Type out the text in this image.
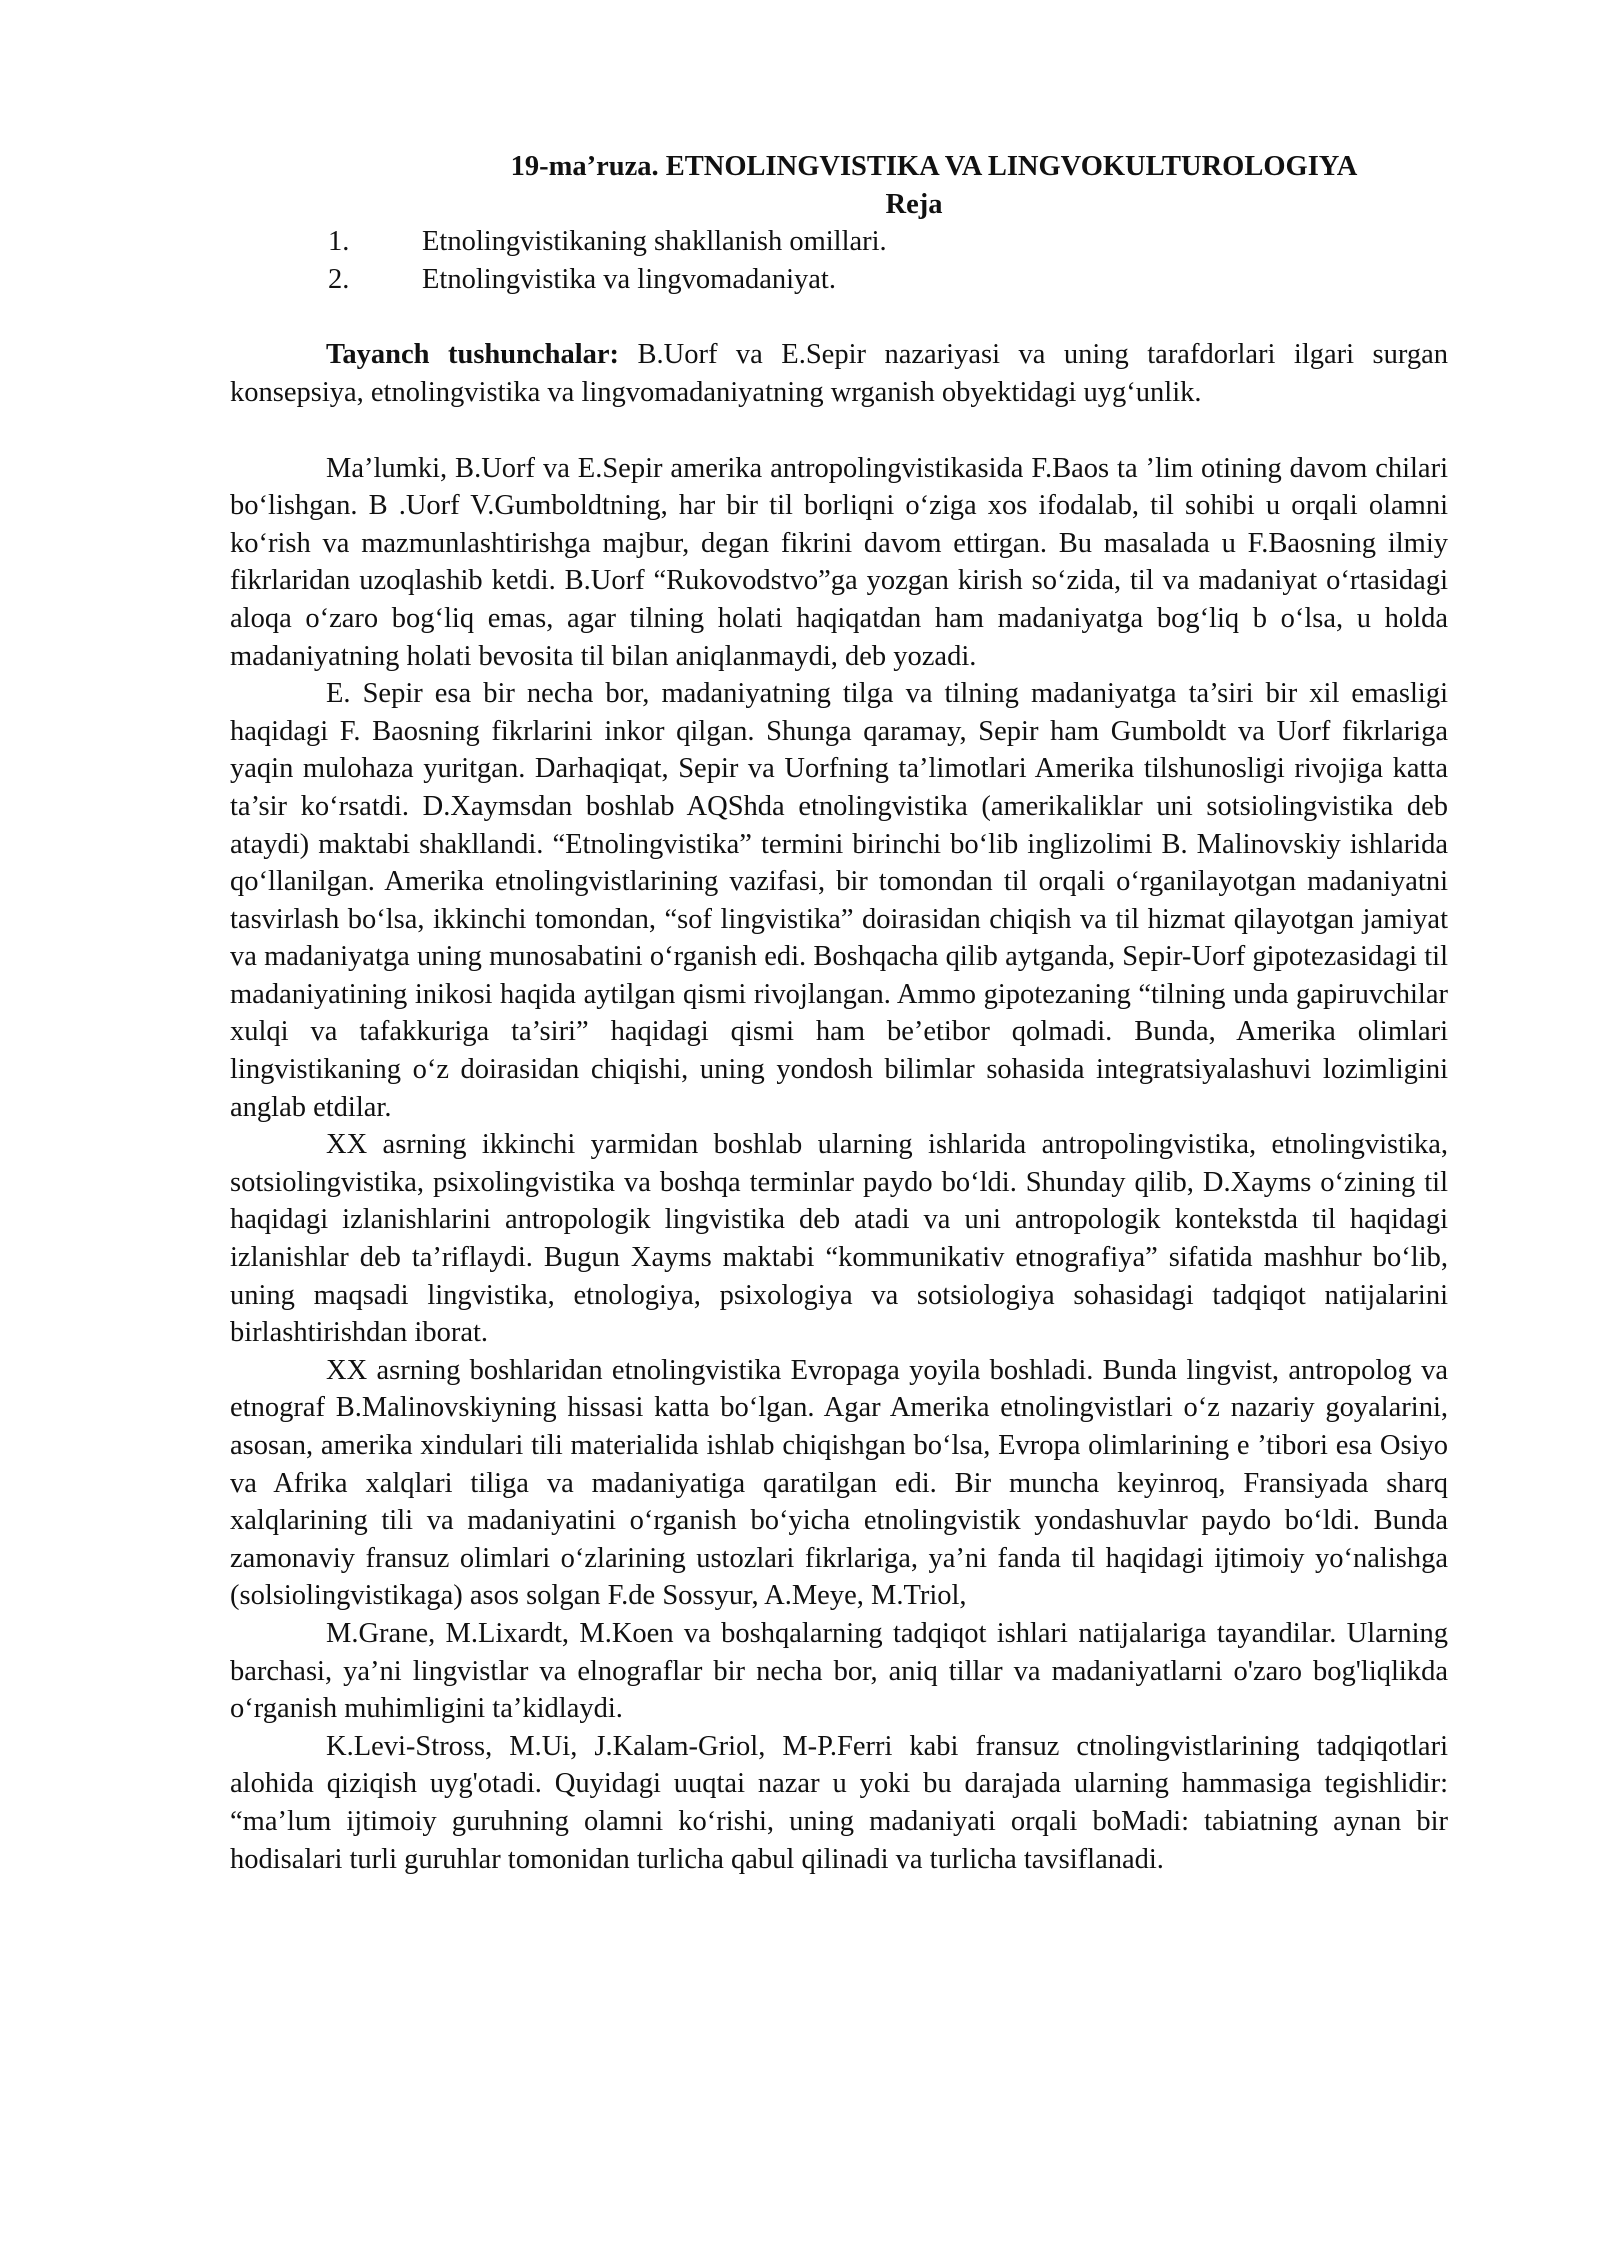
19-ma’ruza. ETNOLINGVISTIKA VA LINGVOKULTUROLOGIYA

Reja

1.	Etnolingvistikaning shakllanish omillari.
2.	Etnolingvistika va lingvomadaniyat.

Tayanch tushunchalar: B.Uorf va E.Sepir nazariyasi va uning tarafdorlari ilgari surgan konsepsiya, etnolingvistika va lingvomadaniyatning wrganish obyektidagi uyg‘unlik.

Ma’lumki, B.Uorf va E.Sepir amerika antropolingvistikasida F.Baos ta ’lim otining davom chilari bo‘lishgan. B .Uorf V.Gumboldtning, har bir til borliqni o‘ziga xos ifodalab, til sohibi u orqali olamni ko‘rish va mazmunlashtirishga majbur, degan fikrini davom ettirgan. Bu masalada u F.Baosning ilmiy fikrlaridan uzoqlashib ketdi. B.Uorf “Rukovodstvo”ga yozgan kirish so‘zida, til va madaniyat o‘rtasidagi aloqa o‘zaro bog‘liq emas, agar tilning holati haqiqatdan ham madaniyatga bog‘liq b o‘lsa, u holda madaniyatning holati bevosita til bilan aniqlanmaydi, deb yozadi.

E. Sepir esa bir necha bor, madaniyatning tilga va tilning madaniyatga ta’siri bir xil emasligi haqidagi F. Baosning fikrlarini inkor qilgan. Shunga qaramay, Sepir ham Gumboldt va Uorf fikrlariga yaqin mulohaza yuritgan. Darhaqiqat, Sepir va Uorfning ta’limotlari Amerika tilshunosligi rivojiga katta ta’sir ko‘rsatdi. D.Xaymsdan boshlab AQShda etnolingvistika (amerikaliklar uni sotsiolingvistika deb ataydi) maktabi shakllandi. “Etnolingvistika” termini birinchi bo‘lib inglizolimi B. Malinovskiy ishlarida qo‘llanilgan. Amerika etnolingvistlarining vazifasi, bir tomondan til orqali o‘rganilayotgan madaniyatni tasvirlash bo‘lsa, ikkinchi tomondan, “sof lingvistika” doirasidan chiqish va til hizmat qilayotgan jamiyat va madaniyatga uning munosabatini o‘rganish edi. Boshqacha qilib aytganda, Sepir-Uorf gipotezasidagi til madaniyatining inikosi haqida aytilgan qismi rivojlangan. Ammo gipotezaning “tilning unda gapiruvchilar xulqi va tafakkuriga ta’siri” haqidagi qismi ham be’etibor qolmadi. Bunda, Amerika olimlari lingvistikaning o‘z doirasidan chiqishi, uning yondosh bilimlar sohasida integratsiyalashuvi lozimligini anglab etdilar.

XX asrning ikkinchi yarmidan boshlab ularning ishlarida antropolingvistika, etnolingvistika, sotsiolingvistika, psixolingvistika va boshqa terminlar paydo bo‘ldi. Shunday qilib, D.Xayms o‘zining til haqidagi izlanishlarini antropologik lingvistika deb atadi va uni antropologik kontekstda til haqidagi izlanishlar deb ta’riflaydi. Bugun Xayms maktabi “kommunikativ etnografiya” sifatida mashhur bo‘lib, uning maqsadi lingvistika, etnologiya, psixologiya va sotsiologiya sohasidagi tadqiqot natijalarini birlashtirishdan iborat.

XX asrning boshlaridan etnolingvistika Evropaga yoyila boshladi. Bunda lingvist, antropolog va etnograf B.Malinovskiyning hissasi katta bo‘lgan. Agar Amerika etnolingvistlari o‘z nazariy goyalarini, asosan, amerika xindulari tili materialida ishlab chiqishgan bo‘lsa, Evropa olimlarining e ’tibori esa Osiyo va Afrika xalqlari tiliga va madaniyatiga qaratilgan edi. Bir muncha keyinroq, Fransiyada sharq xalqlarining tili va madaniyatini o‘rganish bo‘yicha etnolingvistik yondashuvlar paydo bo‘ldi. Bunda zamonaviy fransuz olimlari o‘zlarining ustozlari fikrlariga, ya’ni fanda til haqidagi ijtimoiy yo‘nalishga (solsiolingvistikaga) asos solgan F.de Sossyur, A.Meye, M.Triol,

M.Grane, M.Lixardt, M.Koen va boshqalarning tadqiqot ishlari natijalariga tayandilar. Ularning barchasi, ya’ni lingvistlar va elnograflar bir necha bor, aniq tillar va madaniyatlarni o'zaro bog'liqlikda o‘rganish muhimligini ta’kidlaydi.

K.Levi-Stross, M.Ui, J.Kalam-Griol, M-P.Ferri kabi fransuz ctnolingvistlarining tadqiqotlari alohida qiziqish uyg'otadi. Quyidagi uuqtai nazar u yoki bu darajada ularning hammasiga tegishlidir: “ma’lum ijtimoiy guruhning olamni ko‘rishi, uning madaniyati orqali boMadi: tabiatning aynan bir hodisalari turli guruhlar tomonidan turlicha qabul qilinadi va turlicha tavsiflanadi.
